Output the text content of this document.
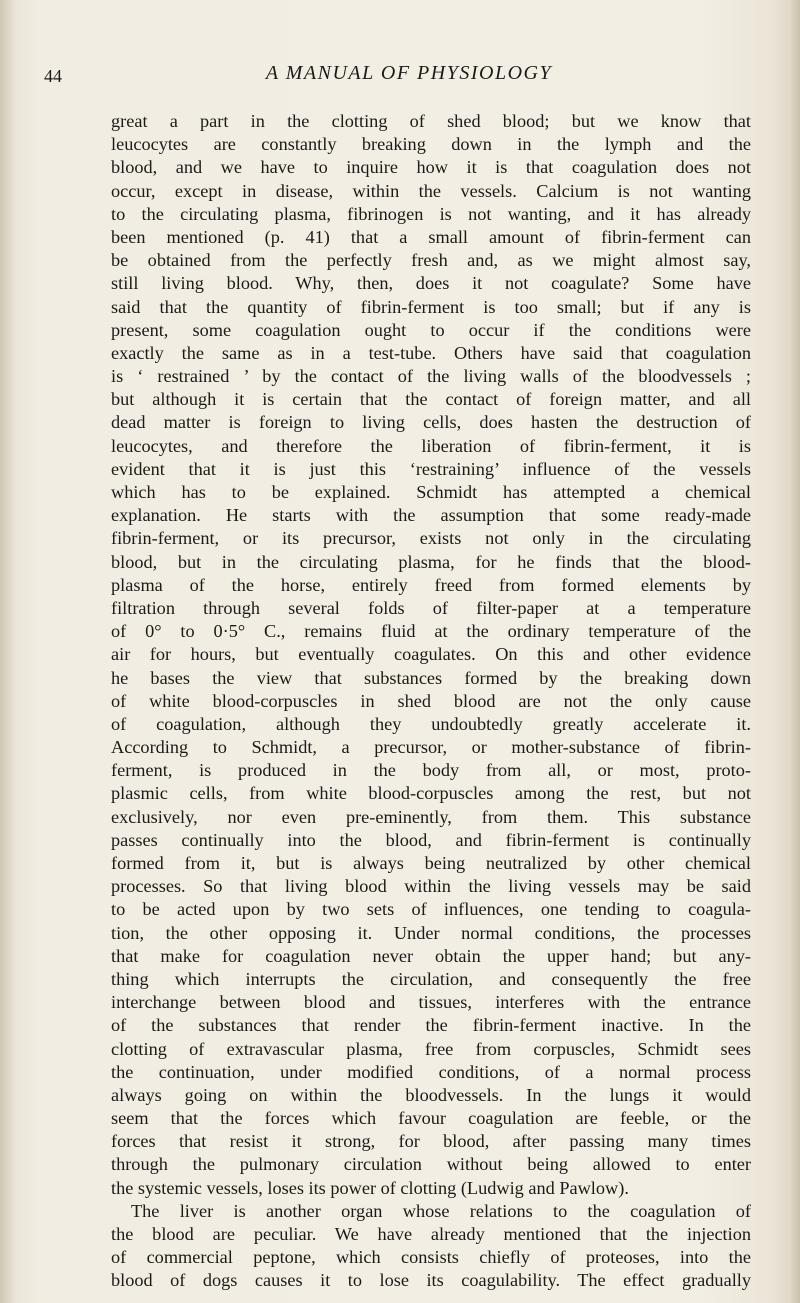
44	A MANUAL OF PHYSIOLOGY
great a part in the clotting of shed blood; but we know that
leucocytes are constantly breaking down in the lymph and the
blood, and we have to inquire how it is that coagulation does not
occur, except in disease, within the vessels. Calcium is not wanting
to the circulating plasma, fibrinogen is not wanting, and it has already
been mentioned (p. 41) that a small amount of fibrin-ferment can
be obtained from the perfectly fresh and, as we might almost say,
still living blood. Why, then, does it not coagulate? Some have
said that the quantity of fibrin-ferment is too small; but if any is
present, some coagulation ought to occur if the conditions were
exactly the same as in a test-tube. Others have said that coagulation
is ‘ restrained ’ by the contact of the living walls of the bloodvessels ;
but although it is certain that the contact of foreign matter, and all
dead matter is foreign to living cells, does hasten the destruction of
leucocytes, and therefore the liberation of fibrin-ferment, it is
evident that it is just this ‘restraining’ influence of the vessels
which has to be explained. Schmidt has attempted a chemical
explanation. He starts with the assumption that some ready-made
fibrin-ferment, or its precursor, exists not only in the circulating
blood, but in the circulating plasma, for he finds that the blood-
plasma of the horse, entirely freed from formed elements by
filtration through several folds of filter-paper at a temperature
of 0° to 0·5° C., remains fluid at the ordinary temperature of the
air for hours, but eventually coagulates. On this and other evidence
he bases the view that substances formed by the breaking down
of white blood-corpuscles in shed blood are not the only cause
of coagulation, although they undoubtedly greatly accelerate it.
According to Schmidt, a precursor, or mother-substance of fibrin-
ferment, is produced in the body from all, or most, proto-
plasmic cells, from white blood-corpuscles among the rest, but not
exclusively, nor even pre-eminently, from them. This substance
passes continually into the blood, and fibrin-ferment is continually
formed from it, but is always being neutralized by other chemical
processes. So that living blood within the living vessels may be said
to be acted upon by two sets of influences, one tending to coagula-
tion, the other opposing it. Under normal conditions, the processes
that make for coagulation never obtain the upper hand; but any-
thing which interrupts the circulation, and consequently the free
interchange between blood and tissues, interferes with the entrance
of the substances that render the fibrin-ferment inactive. In the
clotting of extravascular plasma, free from corpuscles, Schmidt sees
the continuation, under modified conditions, of a normal process
always going on within the bloodvessels. In the lungs it would
seem that the forces which favour coagulation are feeble, or the
forces that resist it strong, for blood, after passing many times
through the pulmonary circulation without being allowed to enter
the systemic vessels, loses its power of clotting (Ludwig and Pawlow).
The liver is another organ whose relations to the coagulation of
the blood are peculiar. We have already mentioned that the injection
of commercial peptone, which consists chiefly of proteoses, into the
blood of dogs causes it to lose its coagulability. The effect gradually
